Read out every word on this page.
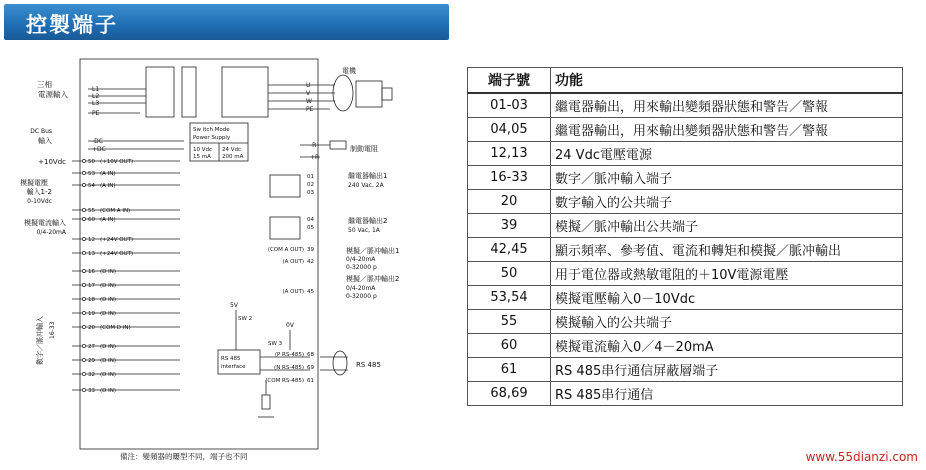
控製端子
50 (+10V OUT)
53 (A IN)
54 (A IN)
55 (COM A IN)
60 (A IN)
12 (+24V OUT)
13 (+24V OUT)
16 (D IN)
17 (D IN)
18 (D IN)
19 (D IN)
20 (COM D IN)
27 (D IN)
29 (D IN)
32 (D IN)
33 (D IN)
01
02
03
04
05
(COM A OUT) 39
(A OUT) 42
(A OUT) 45
(P RS-485) 68
(N RS-485) 69
(COM RS-485) 61
L1
L2
L3
PE
-DC
+DC
U
V
W
PE
-R
+R
電機
三相
電源輸入
DC Bus
輸入
+10Vdc
模擬電壓
輸入1-2
0-10Vdc
模擬電流輸入
0/4-20mA
數字／脈冲輸入 16-33
制動電阻
繼電器輸出1
240 Vac, 2A
繼電器輸出2
50 Vac, 1A
模擬／脈冲輸出1
0/4-20mA
0-32000 p
模擬／脈冲輸出2
0/4-20mA
0-32000 p
RS 485
RS 485
interface
Sw itch Mode
Power Supply
10 Vdc
15 mA
24 Vdc
200 mA
5V
SW 2
SW 3
0V
備注：變頻器的屢型不同，端子也不同
端子號	功能
01-03	繼電器輸出，用來輸出變頻器狀態和警告／警報
04,05	繼電器輸出，用來輸出變頻器狀態和警告／警報
12,13	24 Vdc電壓電源
16-33	數字／脈冲輸入端子
20	數字輸入的公共端子
39	模擬／脈冲輸出公共端子
42,45	顯示頻率、參考值、電流和轉矩和模擬／脈冲輸出
50	用于電位器或熱敏電阻的＋10V電源電壓
53,54	模擬電壓輸入0－10Vdc
55	模擬輸入的公共端子
60	模擬電流輸入0／4－20mA
61	RS 485串行通信屏蔽層端子
68,69	RS 485串行通信
www.55dianzi.com
